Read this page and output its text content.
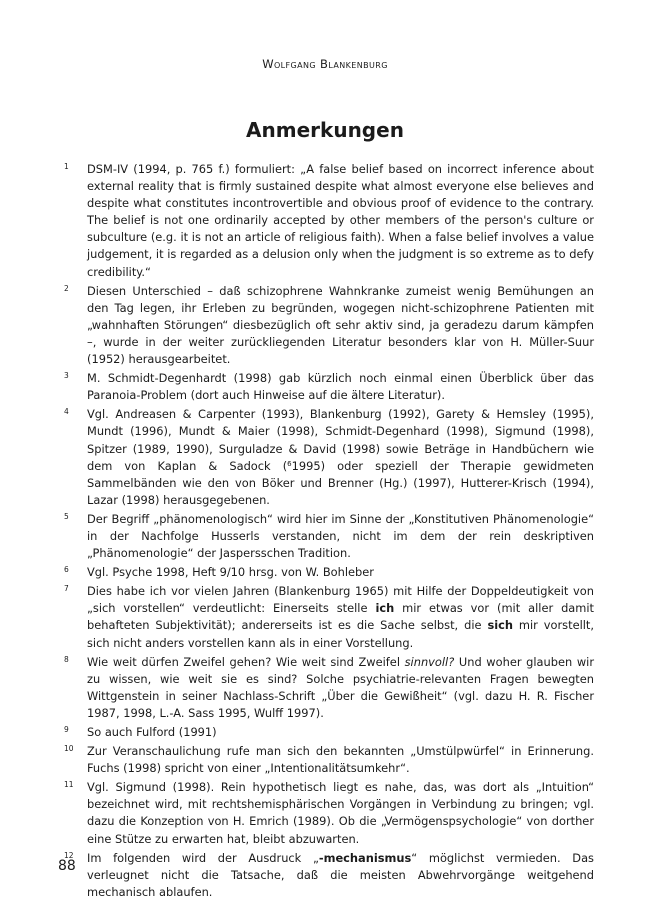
Wolfgang Blankenburg
Anmerkungen
1	DSM-IV (1994, p. 765 f.) formuliert: „A false belief based on incorrect inference about external reality that is firmly sustained despite what almost everyone else believes and despite what constitutes incontrovertible and obvious proof of evidence to the contrary. The belief is not one ordinarily accepted by other members of the person's culture or subculture (e.g. it is not an article of religious faith). When a false belief involves a value judgement, it is regarded as a delusion only when the judgment is so extreme as to defy credibility.“
2	Diesen Unterschied – daß schizophrene Wahnkranke zumeist wenig Bemühungen an den Tag legen, ihr Erleben zu begründen, wogegen nicht-schizophrene Patienten mit „wahnhaften Störungen“ diesbezüglich oft sehr aktiv sind, ja geradezu darum kämpfen –, wurde in der weiter zurückliegenden Literatur besonders klar von H. Müller-Suur (1952) herausgearbeitet.
3	M. Schmidt-Degenhardt (1998) gab kürzlich noch einmal einen Überblick über das Paranoia-Problem (dort auch Hinweise auf die ältere Literatur).
4	Vgl. Andreasen & Carpenter (1993), Blankenburg (1992), Garety & Hemsley (1995), Mundt (1996), Mundt & Maier (1998), Schmidt-Degenhard (1998), Sigmund (1998), Spitzer (1989, 1990), Surguladze & David (1998) sowie Beträge in Handbüchern wie dem von Kaplan & Sadock ($^6$1995) oder speziell der Therapie gewidmeten Sammelbänden wie den von Böker und Brenner (Hg.) (1997), Hutterer-Krisch (1994), Lazar (1998) herausgegebenen.
5	Der Begriff „phänomenologisch“ wird hier im Sinne der „Konstitutiven Phänomenologie“ in der Nachfolge Husserls verstanden, nicht im dem der rein deskriptiven „Phänomenologie“ der Jaspersschen Tradition.
6	Vgl. Psyche 1998, Heft 9/10 hrsg. von W. Bohleber
7	Dies habe ich vor vielen Jahren (Blankenburg 1965) mit Hilfe der Doppeldeutigkeit von „sich vorstellen“ verdeutlicht: Einerseits stelle ich mir etwas vor (mit aller damit behafteten Subjektivität); andererseits ist es die Sache selbst, die sich mir vorstellt, sich nicht anders vorstellen kann als in einer Vorstellung.
8	Wie weit dürfen Zweifel gehen? Wie weit sind Zweifel sinnvoll? Und woher glauben wir zu wissen, wie weit sie es sind? Solche psychiatrie-relevanten Fragen bewegten Wittgenstein in seiner Nachlass-Schrift „Über die Gewißheit“ (vgl. dazu H. R. Fischer 1987, 1998, L.-A. Sass 1995, Wulff 1997).
9	So auch Fulford (1991)
10	Zur Veranschaulichung rufe man sich den bekannten „Umstülpwürfel“ in Erinnerung. Fuchs (1998) spricht von einer „Intentionalitätsumkehr“.
11	Vgl. Sigmund (1998). Rein hypothetisch liegt es nahe, das, was dort als „Intuition“ bezeichnet wird, mit rechtshemisphärischen Vorgängen in Verbindung zu bringen; vgl. dazu die Konzeption von H. Emrich (1989). Ob die „Vermögenspsychologie“ von dorther eine Stütze zu erwarten hat, bleibt abzuwarten.
12	Im folgenden wird der Ausdruck „-mechanismus“ möglichst vermieden. Das verleugnet nicht die Tatsache, daß die meisten Abwehrvorgänge weitgehend mechanisch ablaufen.
88
